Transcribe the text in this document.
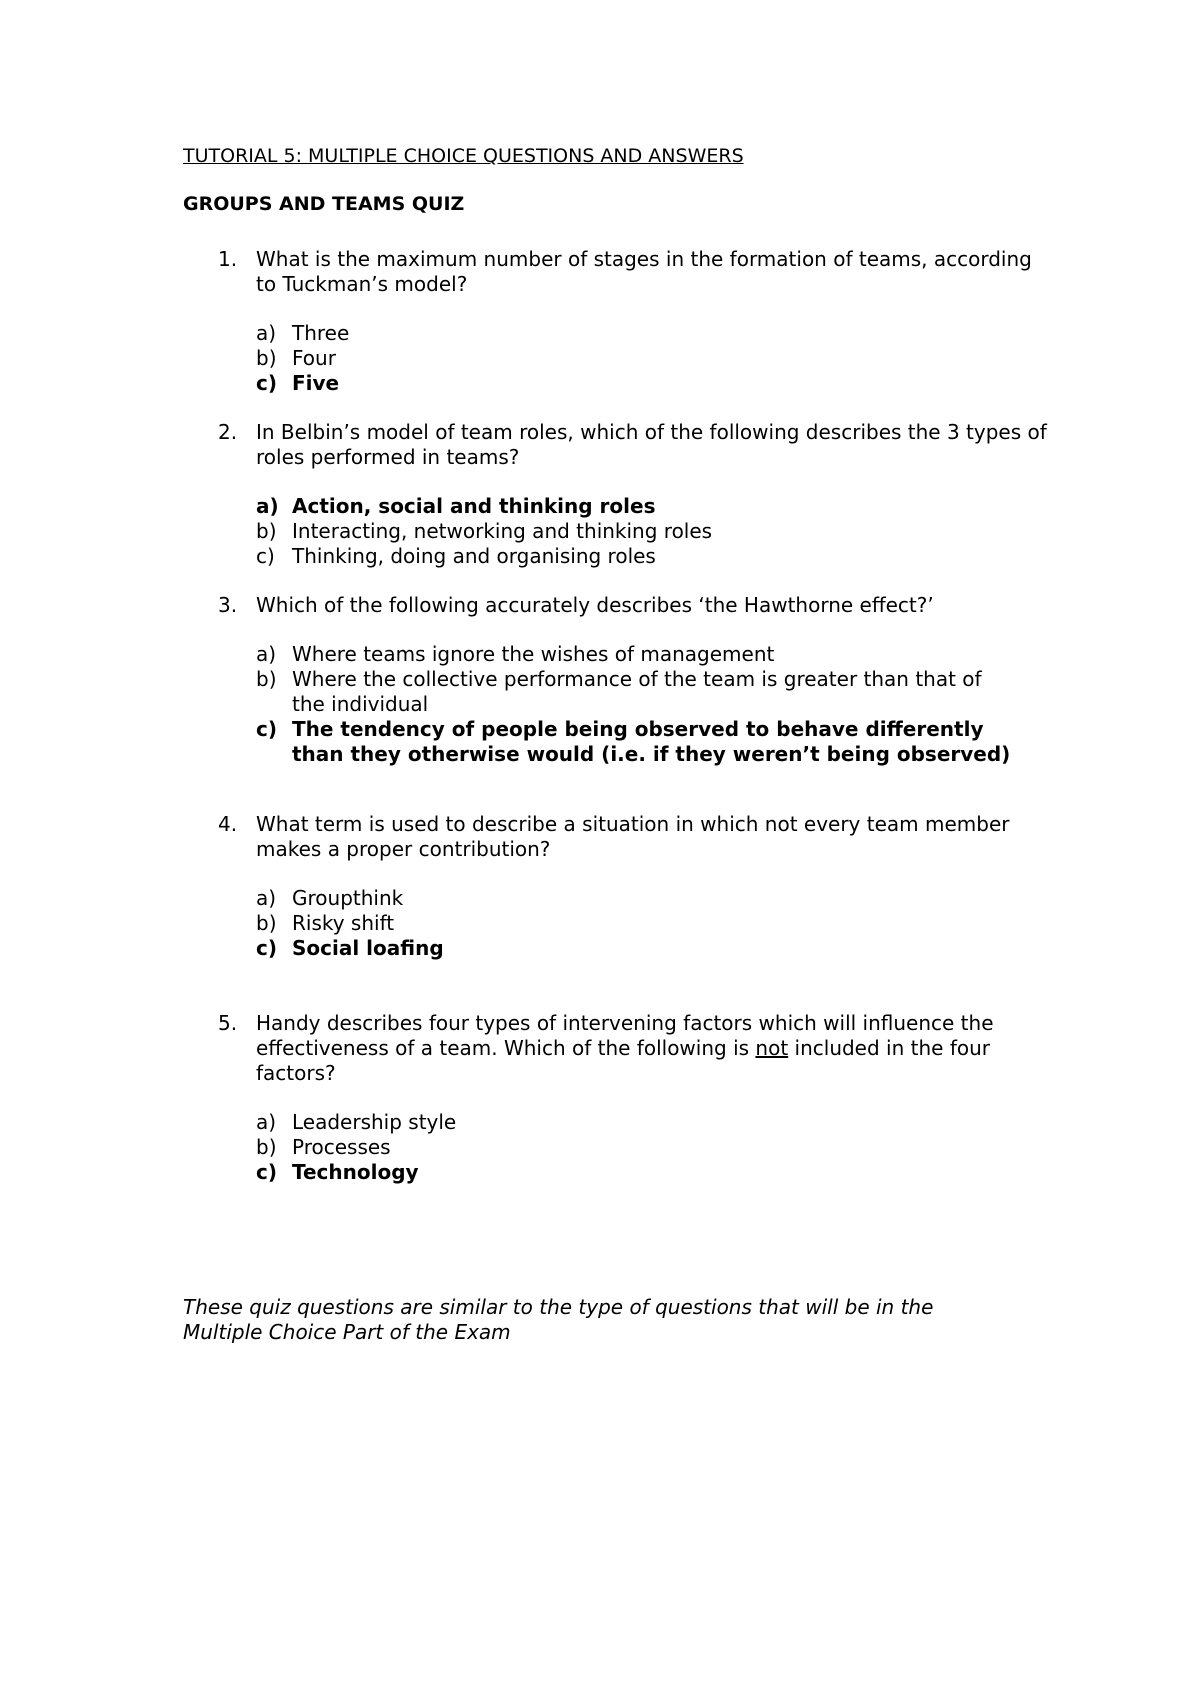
TUTORIAL 5: MULTIPLE CHOICE QUESTIONS AND ANSWERS
GROUPS AND TEAMS QUIZ
1. What is the maximum number of stages in the formation of teams, according to Tuckman’s model?
a) Three
b) Four
c) Five
2. In Belbin’s model of team roles, which of the following describes the 3 types of roles performed in teams?
a) Action, social and thinking roles
b) Interacting, networking and thinking roles
c) Thinking, doing and organising roles
3. Which of the following accurately describes ‘the Hawthorne effect?’
a) Where teams ignore the wishes of management
b) Where the collective performance of the team is greater than that of the individual
c) The tendency of people being observed to behave differently than they otherwise would (i.e. if they weren’t being observed)
4. What term is used to describe a situation in which not every team member makes a proper contribution?
a) Groupthink
b) Risky shift
c) Social loafing
5. Handy describes four types of intervening factors which will influence the effectiveness of a team. Which of the following is not included in the four factors?
a) Leadership style
b) Processes
c) Technology
These quiz questions are similar to the type of questions that will be in the Multiple Choice Part of the Exam
